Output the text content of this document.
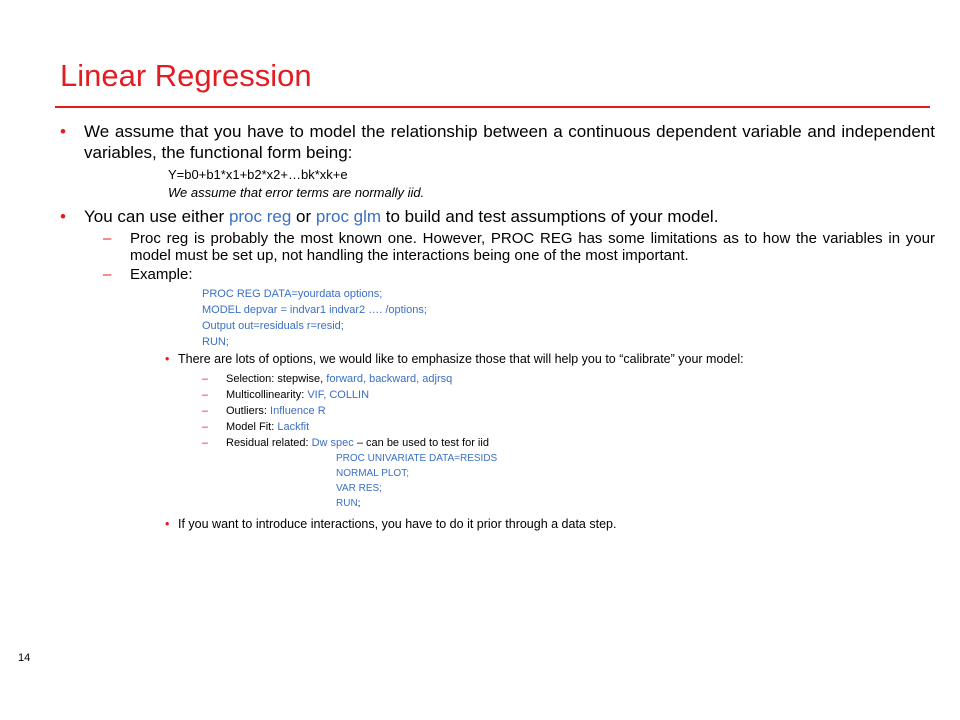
Linear Regression
• We assume that you have to model the relationship between a continuous dependent variable and independent variables, the functional form being:
Y=b0+b1*x1+b2*x2+…bk*xk+e
We assume that error terms are normally iid.
• You can use either proc reg or proc glm to build and test assumptions of your model.
– Proc reg is probably the most known one. However, PROC REG has some limitations as to how the variables in your model must be set up, not handling the interactions being one of the most important.
– Example:
PROC REG DATA=yourdata options;
MODEL depvar = indvar1 indvar2 …. /options;
Output out=residuals r=resid;
RUN;
• There are lots of options, we would like to emphasize those that will help you to “calibrate” your model:
– Selection: stepwise, forward, backward, adjrsq
– Multicollinearity: VIF, COLLIN
– Outliers: Influence R
– Model Fit: Lackfit
– Residual related: Dw spec – can be used to test for iid
PROC UNIVARIATE DATA=RESIDS
NORMAL PLOT;
VAR RES;
RUN;
• If you want to introduce interactions, you have to do it prior through a data step.
14
